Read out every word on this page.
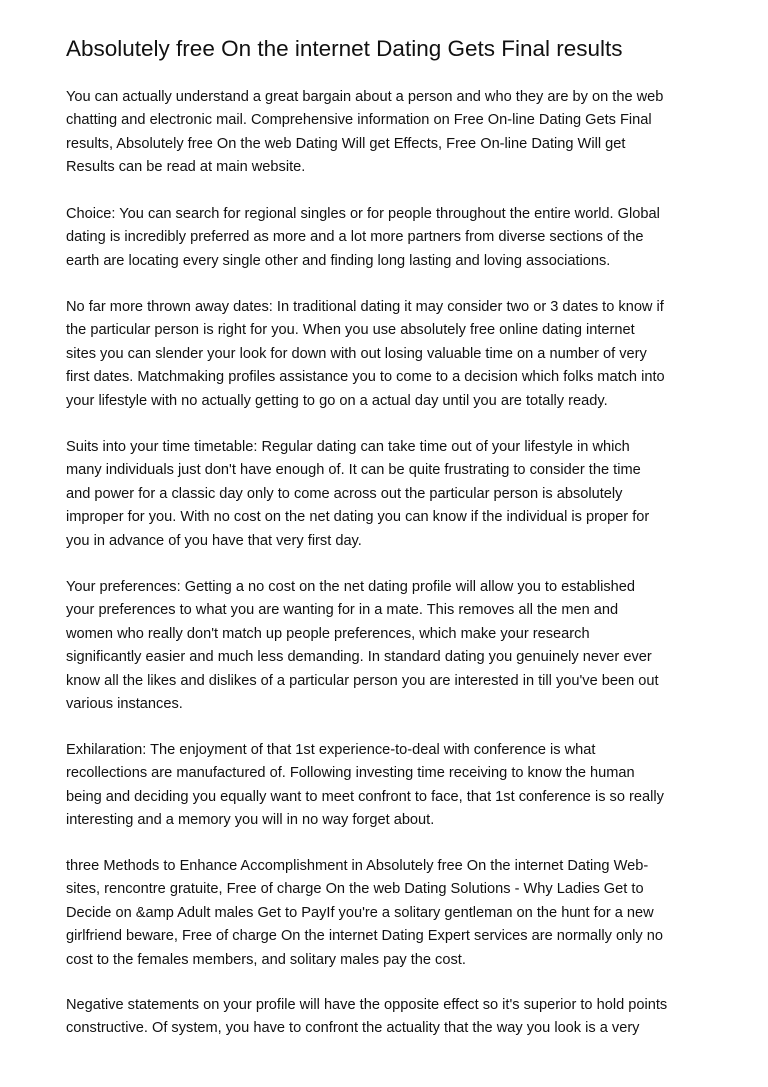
Absolutely free On the internet Dating Gets Final results

You can actually understand a great bargain about a person and who they are by on the web
chatting and electronic mail. Comprehensive information on Free On-line Dating Gets Final
results, Absolutely free On the web Dating Will get Effects, Free On-line Dating Will get
Results can be read at main website.

Choice: You can search for regional singles or for people throughout the entire world. Global
dating is incredibly preferred as more and a lot more partners from diverse sections of the
earth are locating every single other and finding long lasting and loving associations.

No far more thrown away dates: In traditional dating it may consider two or 3 dates to know if
the particular person is right for you. When you use absolutely free online dating internet
sites you can slender your look for down with out losing valuable time on a number of very
first dates. Matchmaking profiles assistance you to come to a decision which folks match into
your lifestyle with no actually getting to go on a actual day until you are totally ready.

Suits into your time timetable: Regular dating can take time out of your lifestyle in which
many individuals just don't have enough of. It can be quite frustrating to consider the time
and power for a classic day only to come across out the particular person is absolutely
improper for you. With no cost on the net dating you can know if the individual is proper for
you in advance of you have that very first day.

Your preferences: Getting a no cost on the net dating profile will allow you to established
your preferences to what you are wanting for in a mate. This removes all the men and
women who really don't match up people preferences, which make your research
significantly easier and much less demanding. In standard dating you genuinely never ever
know all the likes and dislikes of a particular person you are interested in till you've been out
various instances.

Exhilaration: The enjoyment of that 1st experience-to-deal with conference is what
recollections are manufactured of. Following investing time receiving to know the human
being and deciding you equally want to meet confront to face, that 1st conference is so really
interesting and a memory you will in no way forget about.

three Methods to Enhance Accomplishment in Absolutely free On the internet Dating Web-
sites, rencontre gratuite, Free of charge On the web Dating Solutions - Why Ladies Get to
Decide on &amp Adult males Get to PayIf you're a solitary gentleman on the hunt for a new
girlfriend beware, Free of charge On the internet Dating Expert services are normally only no
cost to the females members, and solitary males pay the cost.

Negative statements on your profile will have the opposite effect so it's superior to hold points
constructive. Of system, you have to confront the actuality that the way you look is a very
